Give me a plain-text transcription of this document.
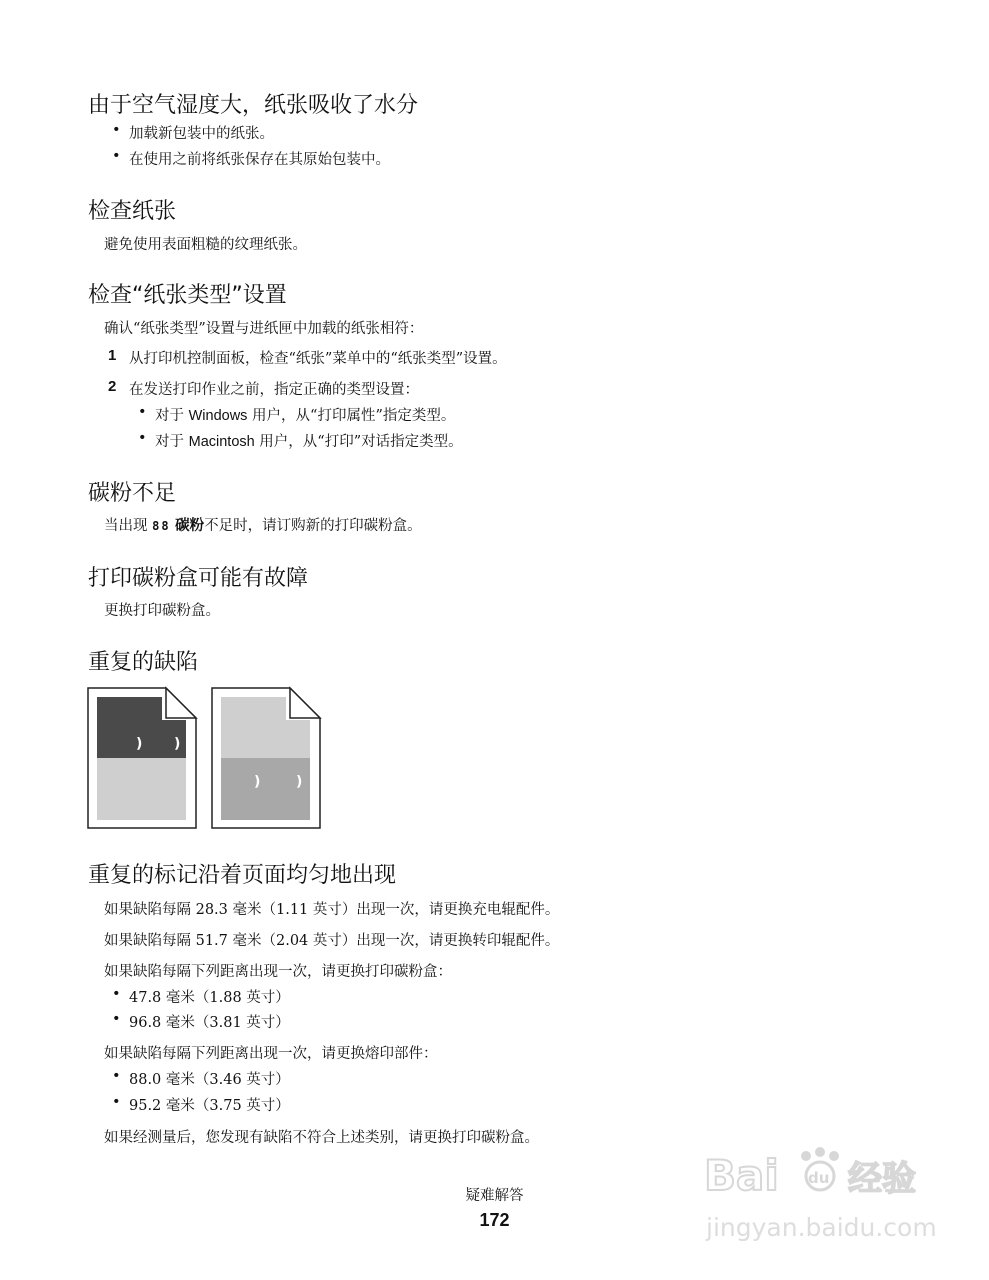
由于空气湿度大，纸张吸收了水分
• 加载新包装中的纸张。
• 在使用之前将纸张保存在其原始包装中。
检查纸张

避免使用表面粗糙的纹理纸张。

检查“纸张类型”设置

确认“纸张类型”设置与进纸匣中加载的纸张相符：

1 从打印机控制面板，检查“纸张”菜单中的“纸张类型”设置。
2 在发送打印作业之前，指定正确的类型设置：
• 对于 Windows 用户，从“打印属性”指定类型。
• 对于 Macintosh 用户，从“打印”对话指定类型。
碳粉不足

当出现 88 碳粉不足时，请订购新的打印碳粉盒。

打印碳粉盒可能有故障

更换打印碳粉盒。

重复的缺陷
) )
)	)
重复的标记沿着页面均匀地出现

如果缺陷每隔 28.3 毫米（1.11 英寸）出现一次，请更换充电辊配件。

如果缺陷每隔 51.7 毫米（2.04 英寸）出现一次，请更换转印辊配件。

如果缺陷每隔下列距离出现一次，请更换打印碳粉盒：

• 47.8 毫米（1.88 英寸）
• 96.8 毫米（3.81 英寸）

如果缺陷每隔下列距离出现一次，请更换熔印部件：

• 88.0 毫米（3.46 英寸）
• 95.2 毫米（3.75 英寸）

如果经测量后，您发现有缺陷不符合上述类别，请更换打印碳粉盒。

疑难解答
172
Bai du 经验
jingyan.baidu.com
